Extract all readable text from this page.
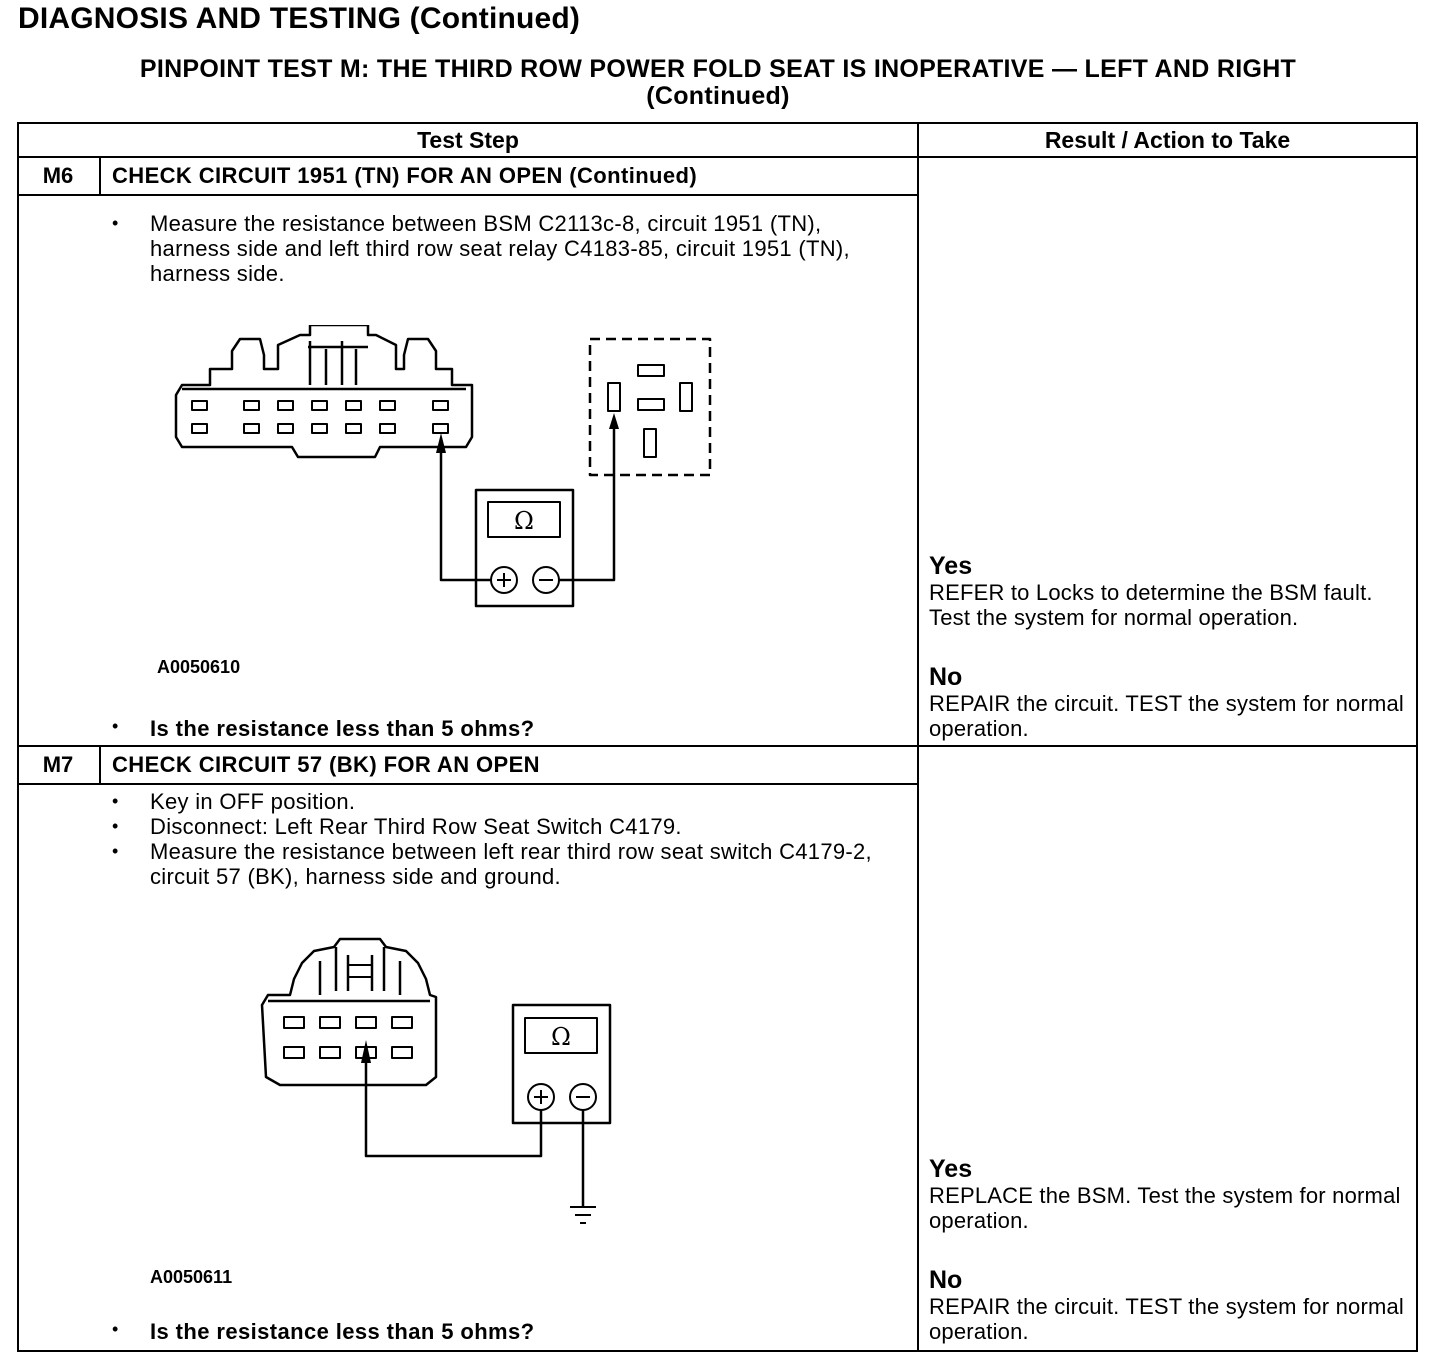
DIAGNOSIS AND TESTING (Continued)
PINPOINT TEST M: THE THIRD ROW POWER FOLD SEAT IS INOPERATIVE — LEFT AND RIGHT
(Continued)
Test Step	Result / Action to Take
M6	CHECK CIRCUIT 1951 (TN) FOR AN OPEN (Continued)
• Measure the resistance between BSM C2113c-8, circuit 1951 (TN), harness side and left third row seat relay C4183-85, circuit 1951 (TN), harness side.
Ω
A0050610
• Is the resistance less than 5 ohms?
Yes
REFER to Locks to determine the BSM fault. Test the system for normal operation.
No
REPAIR the circuit. TEST the system for normal operation.
M7	CHECK CIRCUIT 57 (BK) FOR AN OPEN
• Key in OFF position.
• Disconnect: Left Rear Third Row Seat Switch C4179.
• Measure the resistance between left rear third row seat switch C4179-2, circuit 57 (BK), harness side and ground.
Ω
A0050611
• Is the resistance less than 5 ohms?
Yes
REPLACE the BSM. Test the system for normal operation.
No
REPAIR the circuit. TEST the system for normal operation.
